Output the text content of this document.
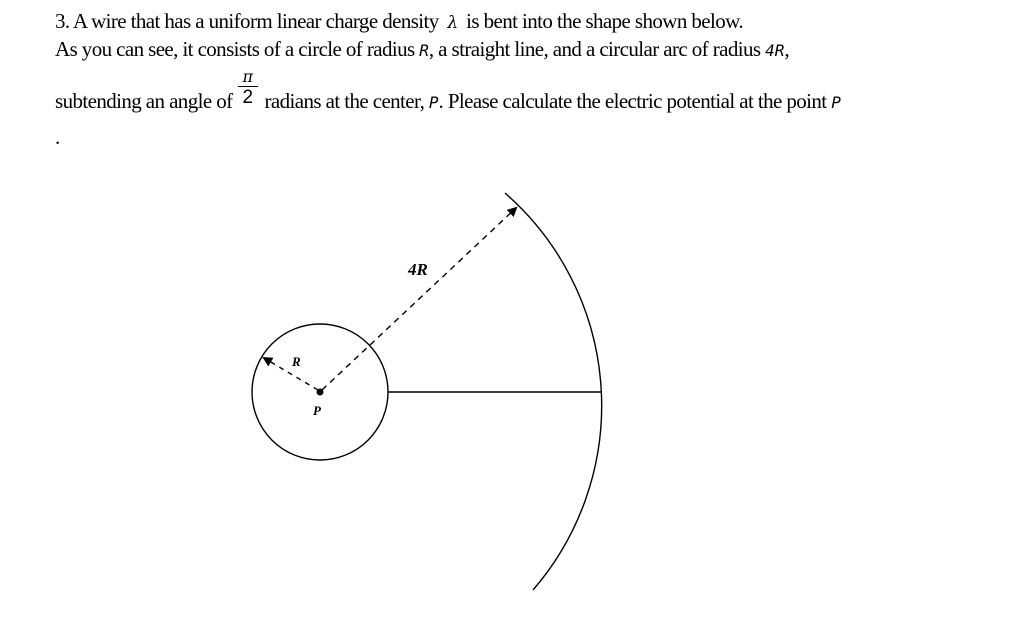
3. A wire that has a uniform linear charge density λ is bent into the shape shown below.
As you can see, it consists of a circle of radius R, a straight line, and a circular arc of radius 4R,
subtending an angle of $\frac{\pi}{2}$ radians at the center, $_P$. Please calculate the electric potential at the point $_P$
.
4R
R
P
